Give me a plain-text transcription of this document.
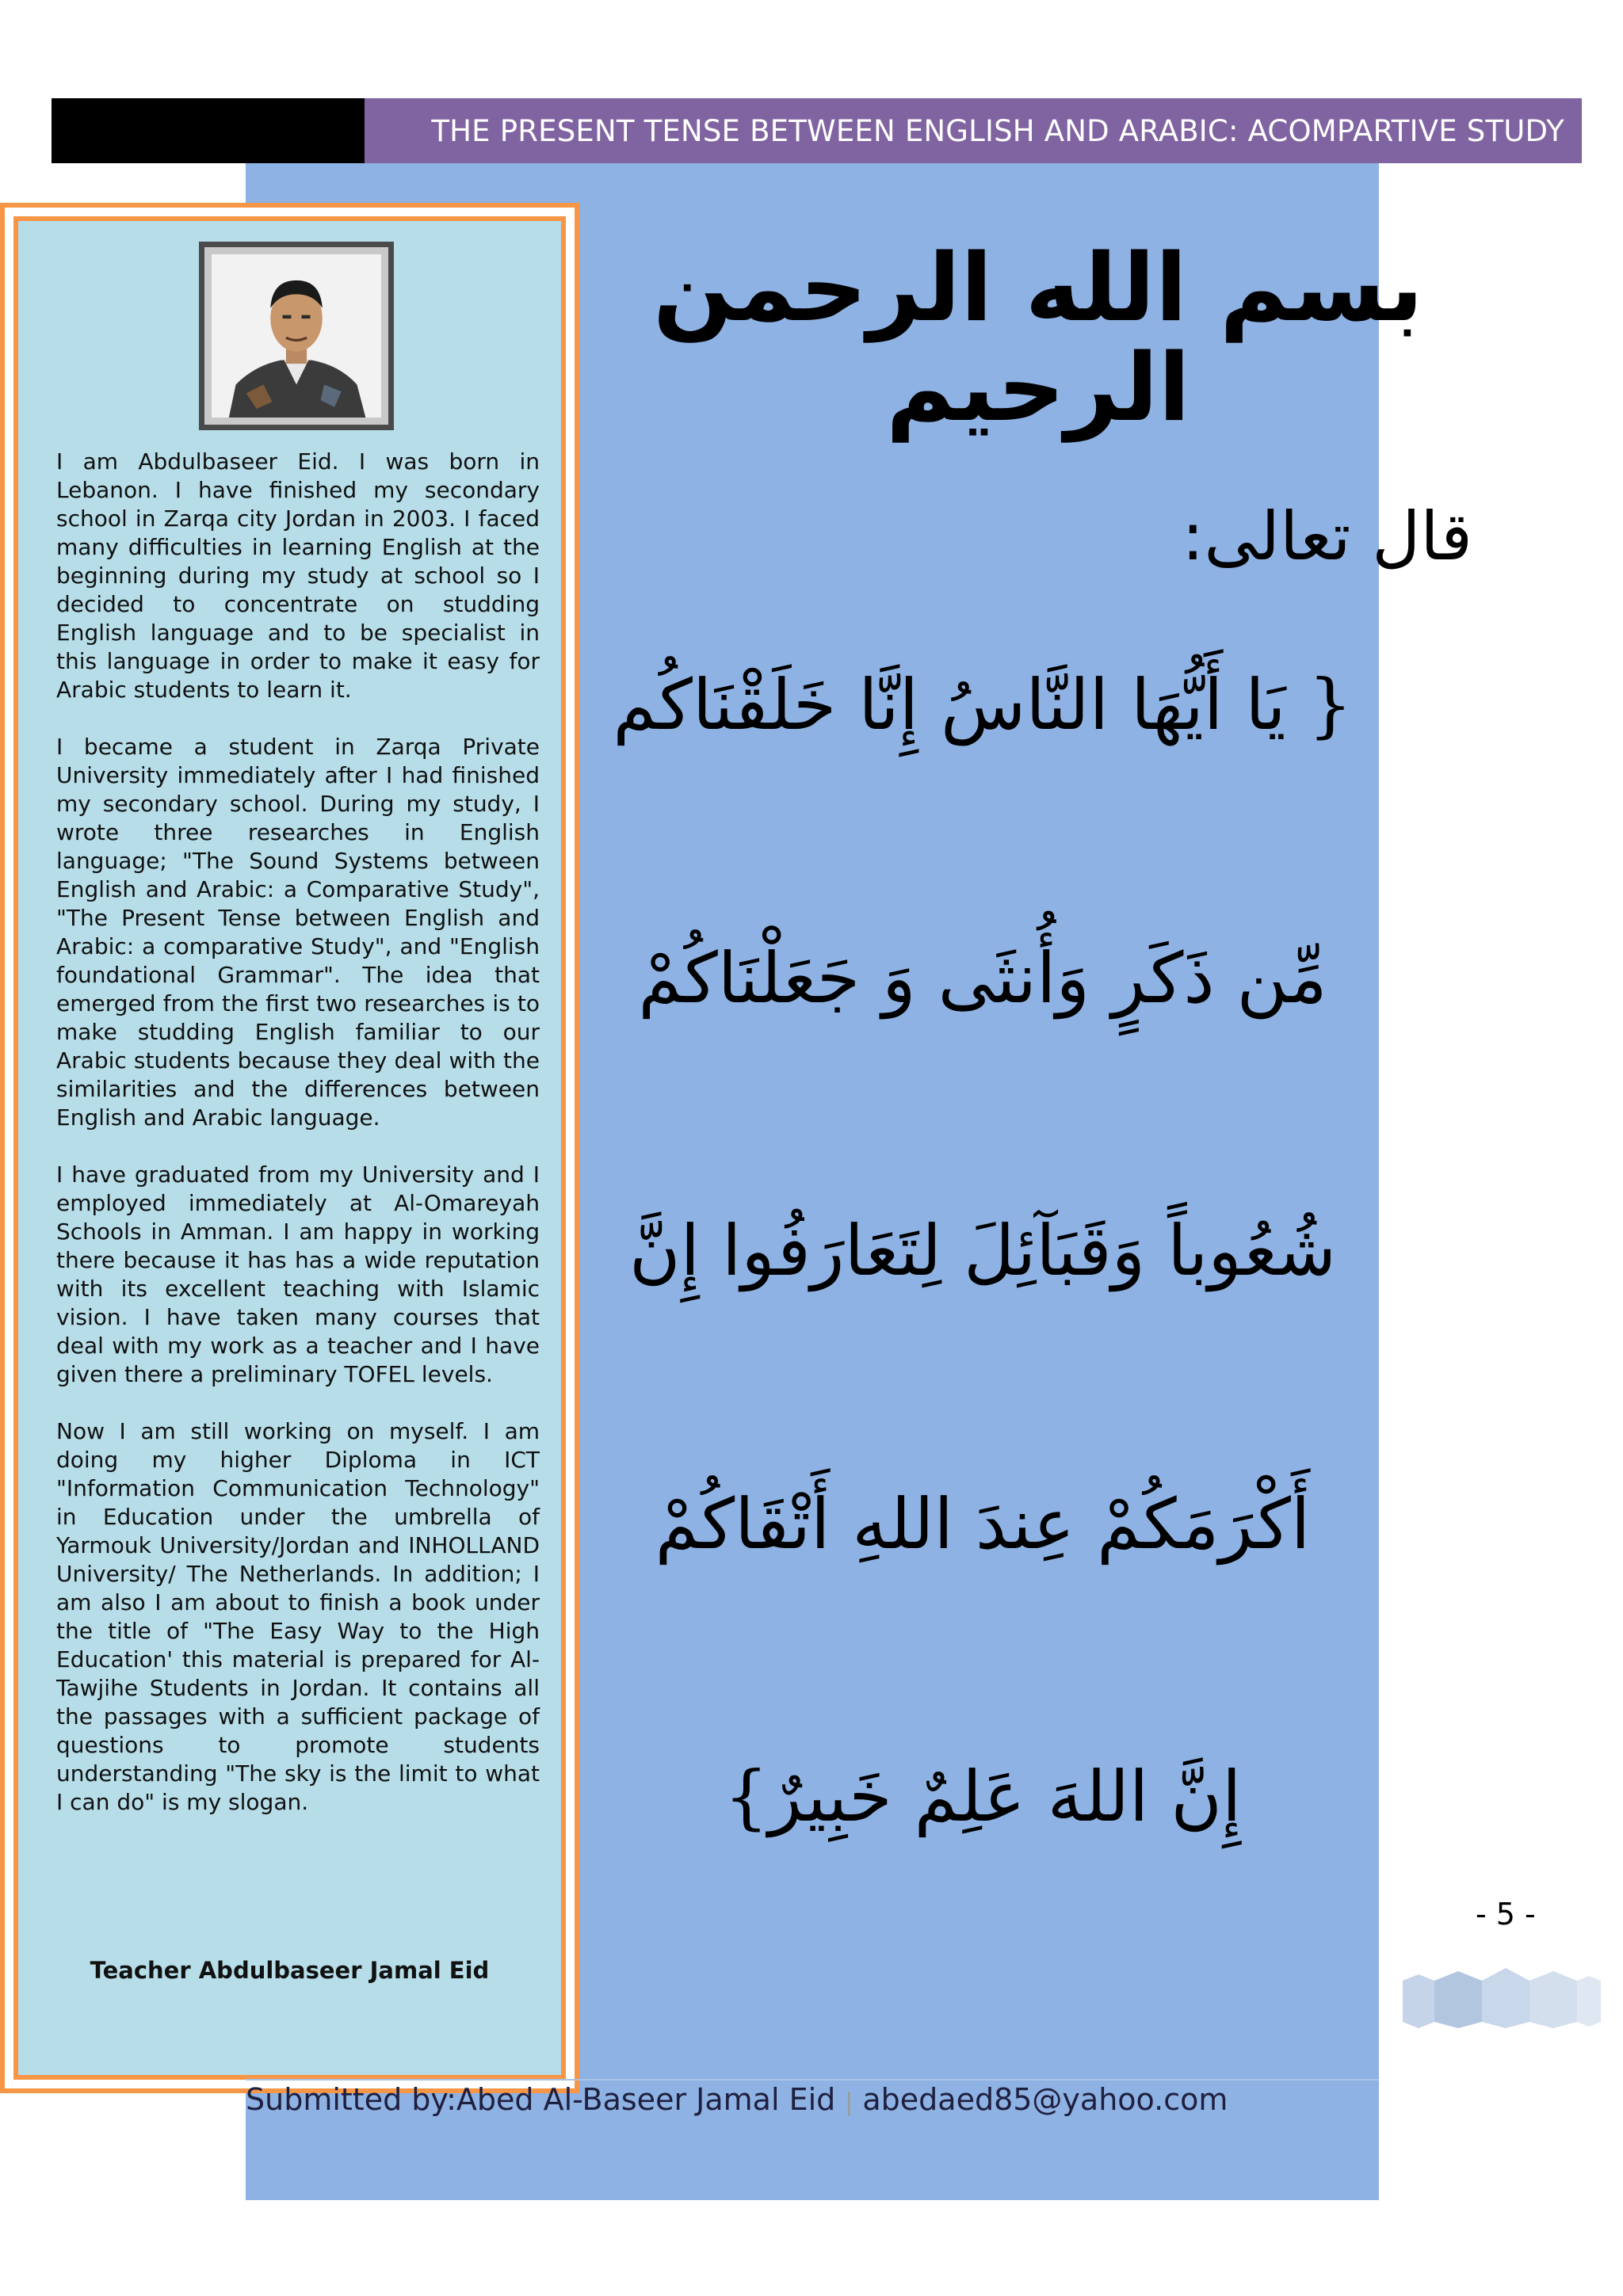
THE PRESENT TENSE BETWEEN ENGLISH AND ARABIC: ACOMPARTIVE STUDY

I am Abdulbaseer Eid. I was born in Lebanon. I have finished my secondary school in Zarqa city Jordan in 2003. I faced many difficulties in learning English at the beginning during my study at school so I decided to concentrate on studding English language and to be specialist in this language in order to make it easy for Arabic students to learn it.

I became a student in Zarqa Private University immediately after I had finished my secondary school. During my study, I wrote three researches in English language; "The Sound Systems between English and Arabic: a Comparative Study", "The Present Tense between English and Arabic: a comparative Study", and "English foundational Grammar". The idea that emerged from the first two researches is to make studding English familiar to our Arabic students because they deal with the similarities and the differences between English and Arabic language.

I have graduated from my University and I employed immediately at Al-Omareyah Schools in Amman. I am happy in working there because it has has a wide reputation with its excellent teaching with Islamic vision. I have taken many courses that deal with my work as a teacher and I have given there a preliminary TOFEL levels.

Now I am still working on myself. I am doing my higher Diploma in ICT "Information Communication Technology" in Education under the umbrella of Yarmouk University/Jordan and INHOLLAND University/ The Netherlands. In addition; I am also I am about to finish a book under the title of "The Easy Way to the High Education' this material is prepared for Al-Tawjihe Students in Jordan. It contains all the passages with a sufficient package of questions to promote students understanding "The sky is the limit to what I can do" is my slogan.

Teacher Abdulbaseer Jamal Eid
بسم الله الرحمن الرحيم
قال تعالى:
{ يَا أَيُّهَا النَّاسُ إِنَّا خَلَقْنَاكُم
مِّن ذَكَرٍ وَأُنثَى وَ جَعَلْنَاكُمْ
شُعُوباً وَقَبَآئِلَ لِتَعَارَفُوا إِنَّ
أَكْرَمَكُمْ عِندَ اللهِ أَتْقَاكُمْ
إِنَّ اللهَ عَلِمٌ خَبِيرٌ}
- 5 -
Submitted by:Abed Al-Baseer Jamal Eid | abedaed85@yahoo.com
